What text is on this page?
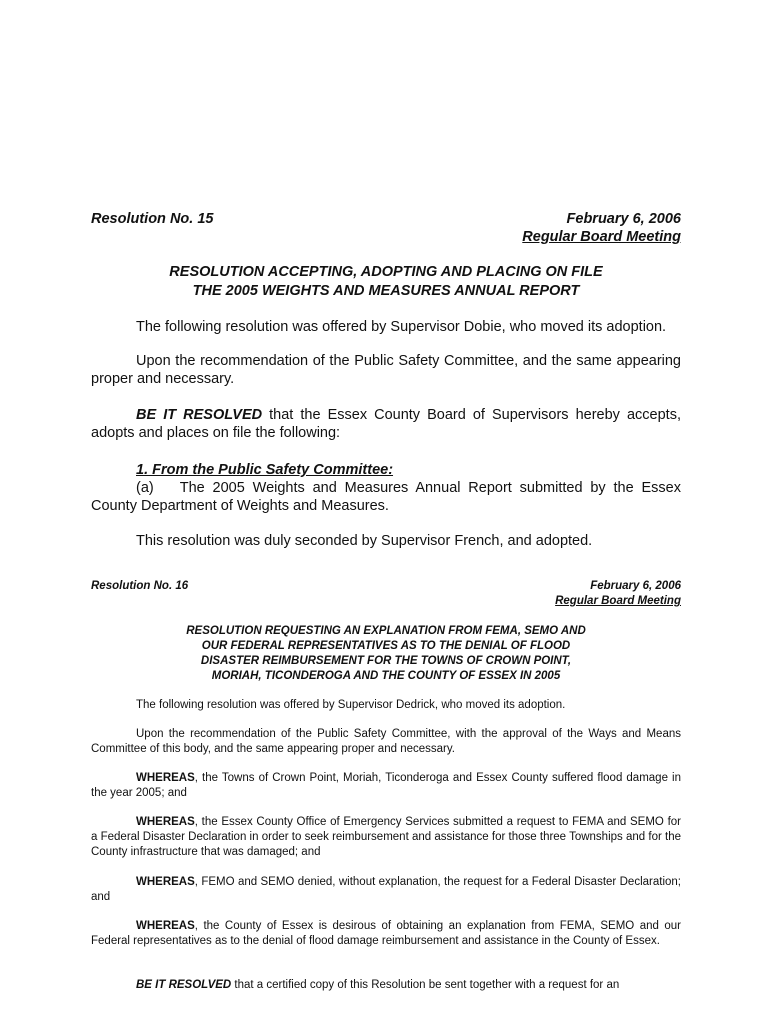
Resolution No. 15	February 6, 2006
Regular Board Meeting
RESOLUTION ACCEPTING, ADOPTING AND PLACING ON FILE
THE 2005 WEIGHTS AND MEASURES ANNUAL REPORT
The following resolution was offered by Supervisor Dobie, who moved its adoption.
Upon the recommendation of the Public Safety Committee, and the same appearing proper and necessary.
BE IT RESOLVED that the Essex County Board of Supervisors hereby accepts, adopts and places on file the following:
1. From the Public Safety Committee:
(a) The 2005 Weights and Measures Annual Report submitted by the Essex County Department of Weights and Measures.
This resolution was duly seconded by Supervisor French, and adopted.
Resolution No. 16	February 6, 2006
Regular Board Meeting
RESOLUTION REQUESTING AN EXPLANATION FROM FEMA, SEMO AND
OUR FEDERAL REPRESENTATIVES AS TO THE DENIAL OF FLOOD
DISASTER REIMBURSEMENT FOR THE TOWNS OF CROWN POINT,
MORIAH, TICONDEROGA AND THE COUNTY OF ESSEX IN 2005
The following resolution was offered by Supervisor Dedrick, who moved its adoption.
Upon the recommendation of the Public Safety Committee, with the approval of the Ways and Means Committee of this body, and the same appearing proper and necessary.
WHEREAS, the Towns of Crown Point, Moriah, Ticonderoga and Essex County suffered flood damage in the year 2005; and
WHEREAS, the Essex County Office of Emergency Services submitted a request to FEMA and SEMO for a Federal Disaster Declaration in order to seek reimbursement and assistance for those three Townships and for the County infrastructure that was damaged; and
WHEREAS, FEMO and SEMO denied, without explanation, the request for a Federal Disaster Declaration; and
WHEREAS, the County of Essex is desirous of obtaining an explanation from FEMA, SEMO and our Federal representatives as to the denial of flood damage reimbursement and assistance in the County of Essex.
BE IT RESOLVED that a certified copy of this Resolution be sent together with a request for an
